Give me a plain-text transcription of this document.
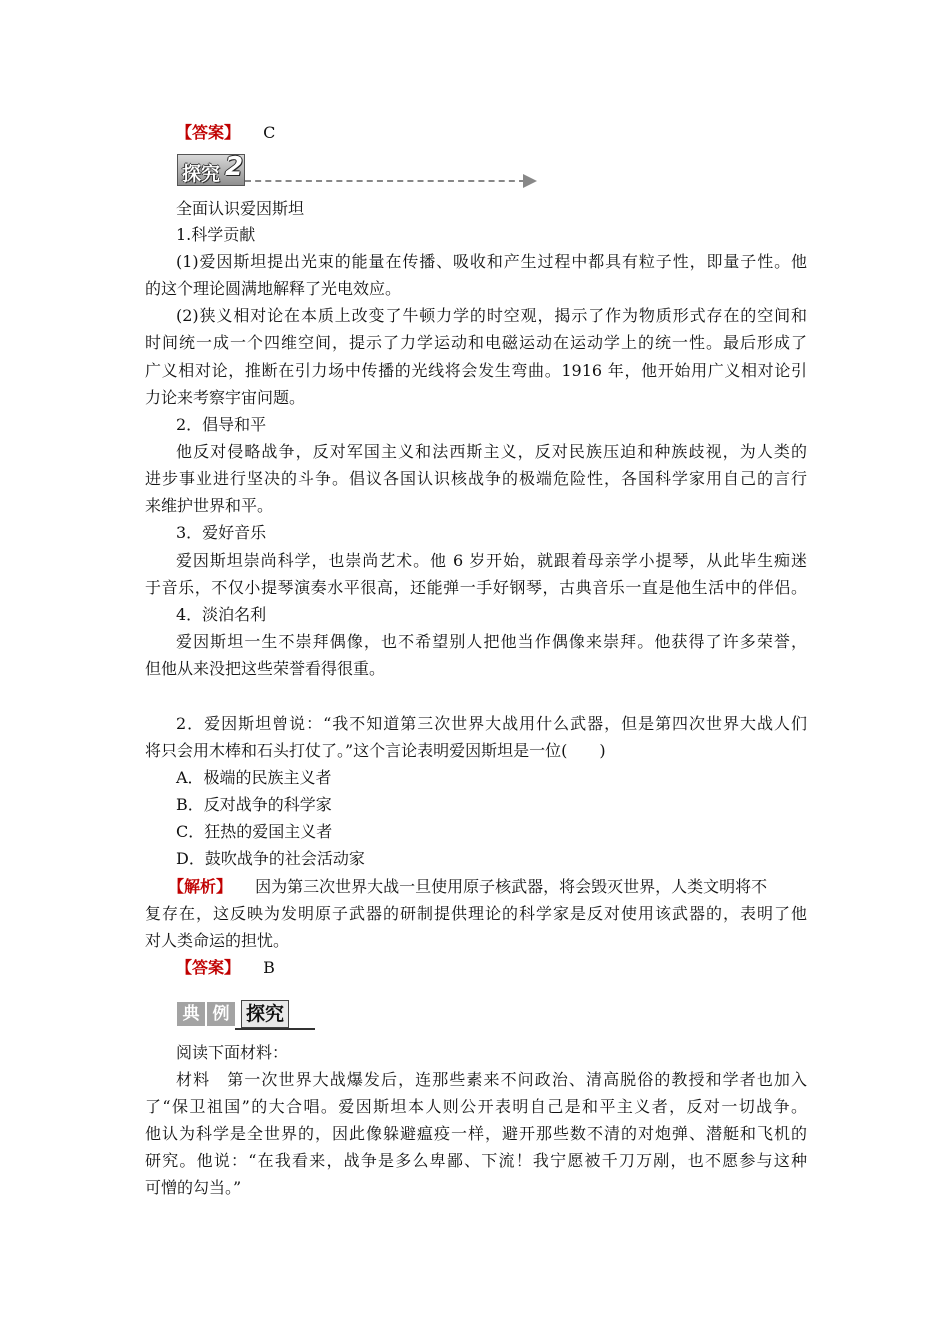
【答案】 C
探究 2
全面认识爱因斯坦
1.科学贡献
(1)爱因斯坦提出光束的能量在传播、吸收和产生过程中都具有粒子性，即量子性。他
的这个理论圆满地解释了光电效应。
(2)狭义相对论在本质上改变了牛顿力学的时空观，揭示了作为物质形式存在的空间和
时间统一成一个四维空间，提示了力学运动和电磁运动在运动学上的统一性。最后形成了
广义相对论，推断在引力场中传播的光线将会发生弯曲。1916 年，他开始用广义相对论引
力论来考察宇宙问题。
2．倡导和平
他反对侵略战争，反对军国主义和法西斯主义，反对民族压迫和种族歧视，为人类的
进步事业进行坚决的斗争。倡议各国认识核战争的极端危险性，各国科学家用自己的言行
来维护世界和平。
3．爱好音乐
爱因斯坦崇尚科学，也崇尚艺术。他 6 岁开始，就跟着母亲学小提琴，从此毕生痴迷
于音乐，不仅小提琴演奏水平很高，还能弹一手好钢琴，古典音乐一直是他生活中的伴侣。
4．淡泊名利
爱因斯坦一生不崇拜偶像，也不希望别人把他当作偶像来崇拜。他获得了许多荣誉，
但他从来没把这些荣誉看得很重。
2．爱因斯坦曾说：“我不知道第三次世界大战用什么武器，但是第四次世界大战人们
将只会用木棒和石头打仗了。”这个言论表明爱因斯坦是一位(　　)
A．极端的民族主义者
B．反对战争的科学家
C．狂热的爱国主义者
D．鼓吹战争的社会活动家
【解析】 因为第三次世界大战一旦使用原子核武器，将会毁灭世界，人类文明将不
复存在，这反映为发明原子武器的研制提供理论的科学家是反对使用该武器的，表明了他
对人类命运的担忧。
【答案】 B
典 例 探究
阅读下面材料：
材料　第一次世界大战爆发后，连那些素来不问政治、清高脱俗的教授和学者也加入
了“保卫祖国”的大合唱。爱因斯坦本人则公开表明自己是和平主义者，反对一切战争。
他认为科学是全世界的，因此像躲避瘟疫一样，避开那些数不清的对炮弹、潜艇和飞机的
研究。他说：“在我看来，战争是多么卑鄙、下流！我宁愿被千刀万剐，也不愿参与这种
可憎的勾当。”
